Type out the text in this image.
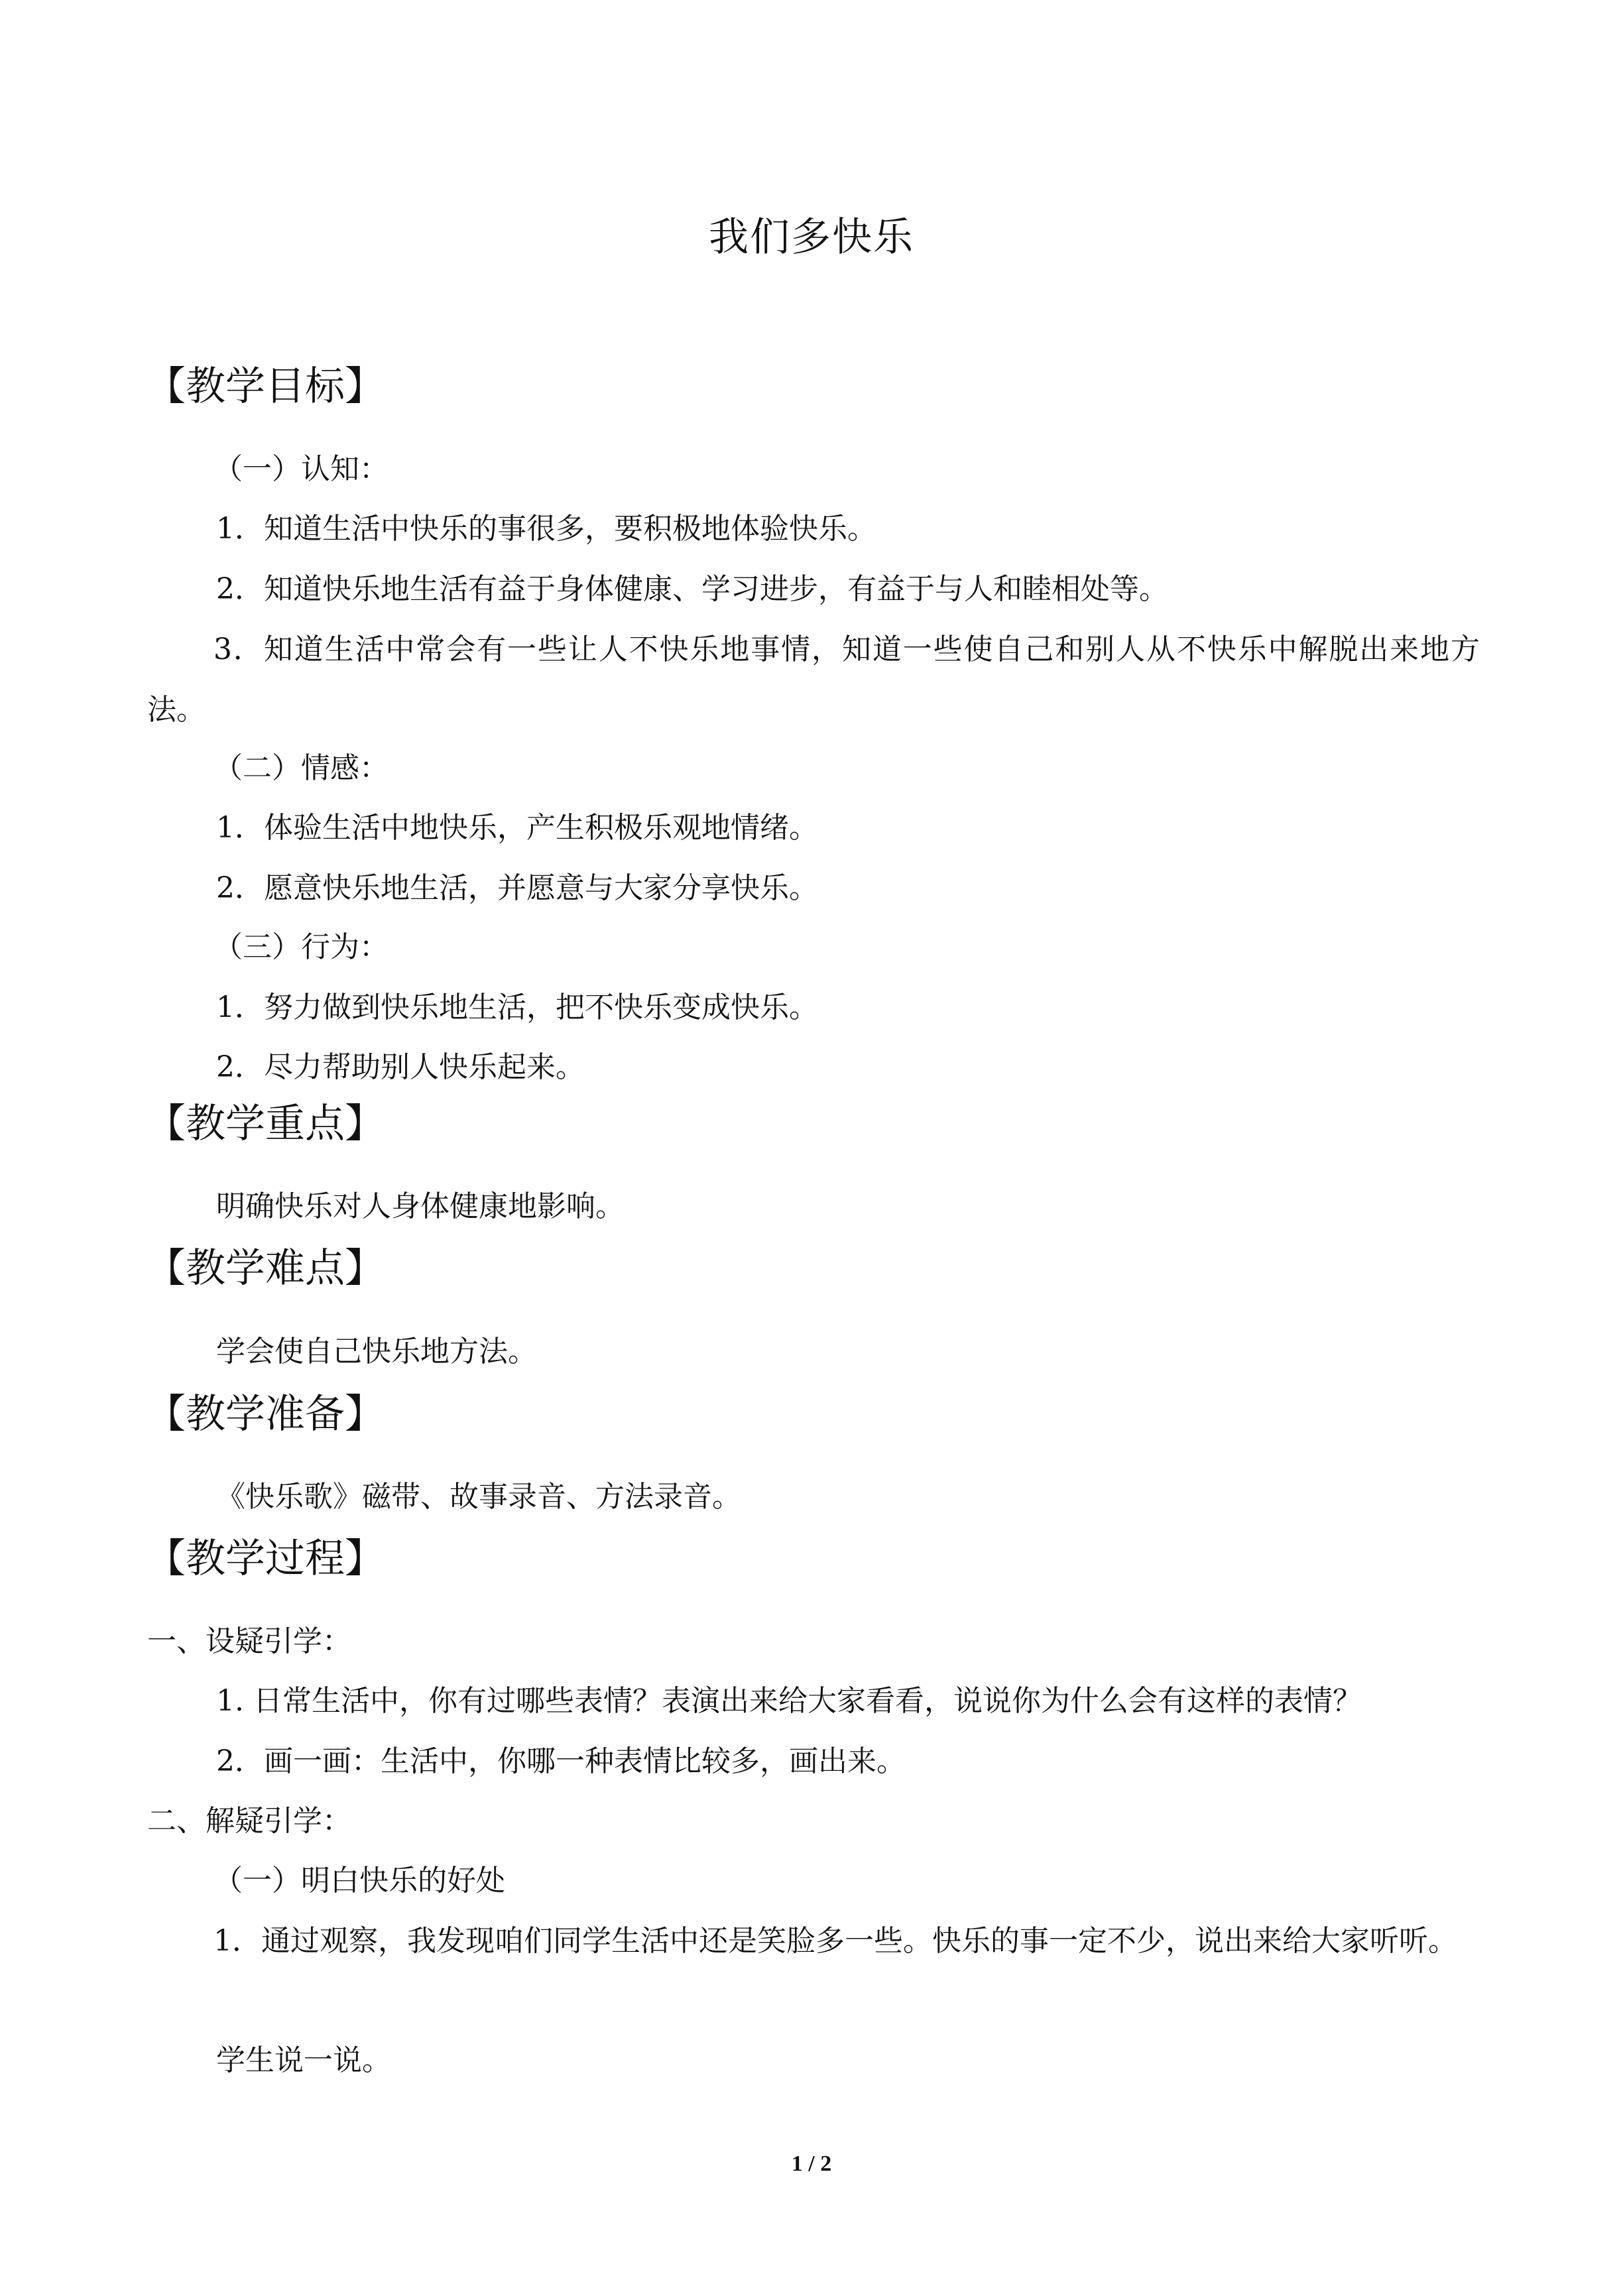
我们多快乐
【教学目标】
（一）认知：
1．知道生活中快乐的事很多，要积极地体验快乐。
2．知道快乐地生活有益于身体健康、学习进步，有益于与人和睦相处等。
3．知道生活中常会有一些让人不快乐地事情，知道一些使自己和别人从不快乐中解脱出来地方法。
（二）情感：
1．体验生活中地快乐，产生积极乐观地情绪。
2．愿意快乐地生活，并愿意与大家分享快乐。
（三）行为：
1．努力做到快乐地生活，把不快乐变成快乐。
2．尽力帮助别人快乐起来。
【教学重点】
明确快乐对人身体健康地影响。
【教学难点】
学会使自己快乐地方法。
【教学准备】
《快乐歌》磁带、故事录音、方法录音。
【教学过程】
一、设疑引学：
1. 日常生活中，你有过哪些表情？表演出来给大家看看，说说你为什么会有这样的表情？
2．画一画：生活中，你哪一种表情比较多，画出来。
二、解疑引学：
（一）明白快乐的好处
1．通过观察，我发现咱们同学生活中还是笑脸多一些。快乐的事一定不少，说出来给大家听听。
学生说一说。
1 / 2
